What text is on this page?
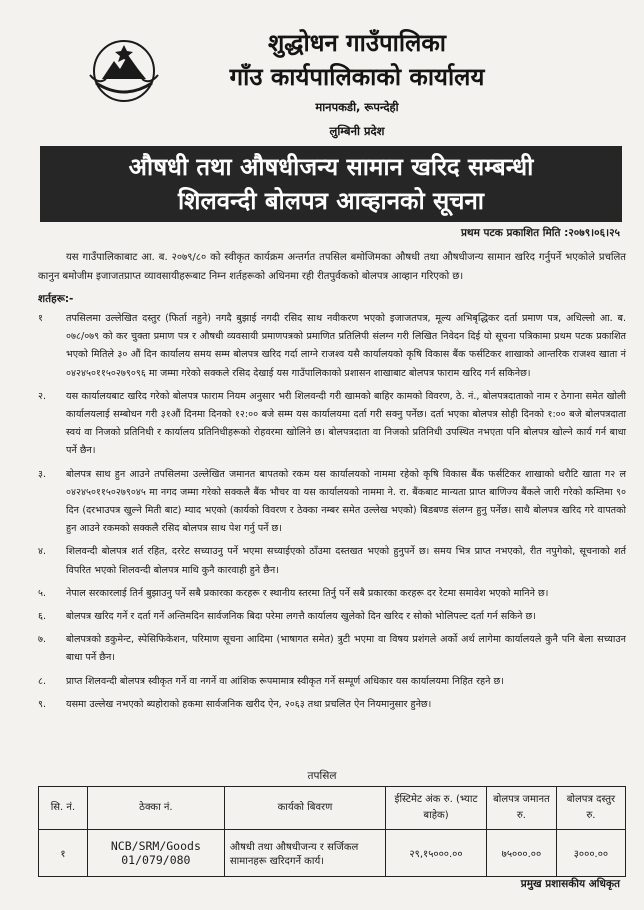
शुद्धोधन गाउँपालिका
गाँउ कार्यपालिकाको कार्यालय
मानपकडी, रूपन्देही
लुम्बिनी प्रदेश
औषधी तथा औषधीजन्य सामान खरिद सम्बन्धी
शिलवन्दी बोलपत्र आव्हानको सूचना
प्रथम पटक प्रकाशित मिति :२०७९।०६।२५
यस गाउँपालिकाबाट आ. ब. २०७९/८० को स्वीकृत कार्यक्रम अन्तर्गत तपसिल बमोजिमका औषधी तथा औषधीजन्य सामान खरिद गर्नुपर्ने भएकोले प्रचलित कानुन बमोजीम इजाजतप्राप्त व्यावसायीहरूबाट निम्न शर्तहरूको अधिनमा रही रीतपुर्वकको बोलपत्र आव्हान गरिएको छ।
शर्तहरू:-
१	तपसिलमा उल्लेखित दस्तुर (फिर्ता नहुने) नगदै बुझाई नगदी रसिद साथ नवीकरण भएको इजाजतपत्र, मूल्य अभिबृद्धिकर दर्ता प्रमाण पत्र, अधिल्लो आ. ब. ०७८/०७९ को कर चुक्ता प्रमाण पत्र र औषधी व्यवसायी प्रमाणपत्रको प्रमाणित प्रतिलिपी संलग्न गरी लिखित निवेदन दिई यो सूचना पत्रिकामा प्रथम पटक प्रकाशित भएको मितिले ३० औं दिन कार्यालय समय सम्म बोलपत्र खरिद गर्दा लाग्ने राजश्व यसै कार्यालयको कृषि विकास बैंक फर्सटिकर शाखाको आन्तरिक राजश्व खाता नं ०४२४५०११५०२७९०९६ मा जम्मा गरेको सक्कले रसिद देखाई यस गाउँपालिकाको प्रशासन शाखाबाट बोलपत्र फाराम खरिद गर्न सकिनेछ।
२.	यस कार्यालयबाट खरिद गरेको बोलपत्र फाराम नियम अनुसार भरी शिलवन्दी गरी खामको बाहिर कामको विवरण, ठे. नं., बोलपत्रदाताको नाम र ठेगाना समेत खोली कार्यालयलाई सम्बोधन गरी ३१औं दिनमा दिनको १२:०० बजे सम्म यस कार्यालयमा दर्ता गरी सक्नु पर्नेछ। दर्ता भएका बोलपत्र सोही दिनको १:०० बजे बोलपत्रदाता स्वयं वा निजको प्रतिनिधी र कार्यालय प्रतिनिधीहरूको रोहवरमा खोलिने छ। बोलपत्रदाता वा निजको प्रतिनिधी उपस्थित नभएता पनि बोलपत्र खोल्ने कार्य गर्न बाधा पर्ने छैन।
३.	बोलपत्र साथ हुन आउने तपसिलमा उल्लेखित जमानत बापतको रकम यस कार्यालयको नाममा रहेको कृषि विकास बैंक फर्सटिकर शाखाको धरौटि खाता ग२ ल ०४२४५०११५०२७९०४५ मा नगद जम्मा गरेको सक्कलै बैंक भौचर वा यस कार्यालयको नाममा ने. रा. बैंकबाट मान्यता प्राप्त बाणिज्य बैंकले जारी गरेको कम्तिमा ९० दिन (दरभाउपत्र खुल्ने मिती बाट) म्याद भएको (कार्यको विवरण र ठेक्का नम्बर समेत उल्लेख भएको) बिडबण्ड संलग्न हुनु पर्नेछ। साथै बोलपत्र खरिद गरे वापतको हुन आउने रकमको सक्कलै रसिद बोलपत्र साथ पेश गर्नु पर्ने छ।
४.	शिलवन्दी बोलपत्र शर्त रहित, दररेट सच्याउनु पर्ने भएमा सच्याईएको ठाँउमा दस्तखत भएको हुनुपर्ने छ। समय भित्र प्राप्त नभएको, रीत नपुगेको, सूचनाको शर्त विपरित भएको शिलवन्दी बोलपत्र माथि कुनै कारवाही हुने छैन।
५.	नेपाल सरकारलाई तिर्न बुझाउनु पर्ने सबै प्रकारका करहरू र स्थानीय स्तरमा तिर्नु पर्ने सबै प्रकारका करहरू दर रेटमा समावेश भएको मानिने छ।
६.	बोलपत्र खरिद गर्ने र दर्ता गर्ने अन्तिमदिन सार्वजनिक बिदा परेमा लगत्तै कार्यालय खुलेको दिन खरिद र सोको भोलिपल्ट दर्ता गर्न सकिने छ।
७.	बोलपत्रको डकुमेन्ट, स्पेसिफिकेशन, परिमाण सूचना आदिमा (भाषागत समेत) त्रुटी भएमा वा विषय प्रशंगले अर्को अर्थ लागेमा कार्यालयले कुनै पनि बेला सच्याउन बाधा पर्ने छैन।
८.	प्राप्त शिलवन्दी बोलपत्र स्वीकृत गर्ने वा नगर्ने वा आंशिक रूपमामात्र स्वीकृत गर्ने सम्पूर्ण अधिकार यस कार्यालयमा निहित रहने छ।
९.	यसमा उल्लेख नभएको ब्यहोराको हकमा सार्वजनिक खरीद ऐन, २०६३ तथा प्रचलित ऐन नियमानुसार हुनेछ।
तपसिल
सि. नं.	ठेक्का नं.	कार्यको बिवरण	ईस्टिमेट अंक रु. (भ्याट बाहेक)	बोलपत्र जमानत रु.	बोलपत्र दस्तुर रु.
१	NCB/SRM/Goods 01/079/080	औषधी तथा औषधीजन्य र सर्जिकल सामानहरू खरिदगर्ने कार्य।	२९,१५०००.००	७५०००.००	३०००.००
प्रमुख प्रशासकीय अधिकृत
